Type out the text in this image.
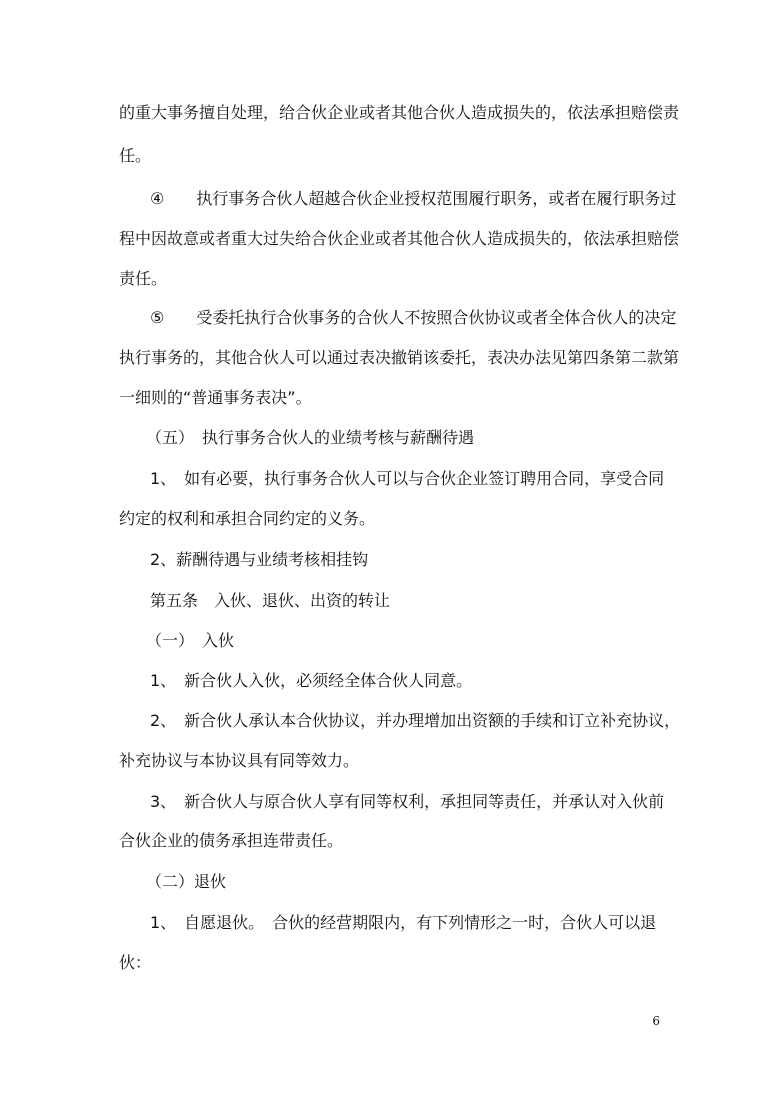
的重大事务擅自处理，给合伙企业或者其他合伙人造成损失的，依法承担赔偿责
任。
④　　执行事务合伙人超越合伙企业授权范围履行职务，或者在履行职务过
程中因故意或者重大过失给合伙企业或者其他合伙人造成损失的，依法承担赔偿
责任。
⑤　　受委托执行合伙事务的合伙人不按照合伙协议或者全体合伙人的决定
执行事务的，其他合伙人可以通过表决撤销该委托，表决办法见第四条第二款第
一细则的“普通事务表决”。
（五）　执行事务合伙人的业绩考核与薪酬待遇
1、　如有必要，执行事务合伙人可以与合伙企业签订聘用合同，享受合同
约定的权利和承担合同约定的义务。
2、薪酬待遇与业绩考核相挂钩
第五条　入伙、退伙、出资的转让
（一）　入伙
1、　新合伙人入伙，必须经全体合伙人同意。
2、　新合伙人承认本合伙协议，并办理增加出资额的手续和订立补充协议，
补充协议与本协议具有同等效力。
3、　新合伙人与原合伙人享有同等权利，承担同等责任，并承认对入伙前
合伙企业的债务承担连带责任。
（二）退伙
1、　自愿退伙。　合伙的经营期限内，有下列情形之一时，合伙人可以退
伙：
6
